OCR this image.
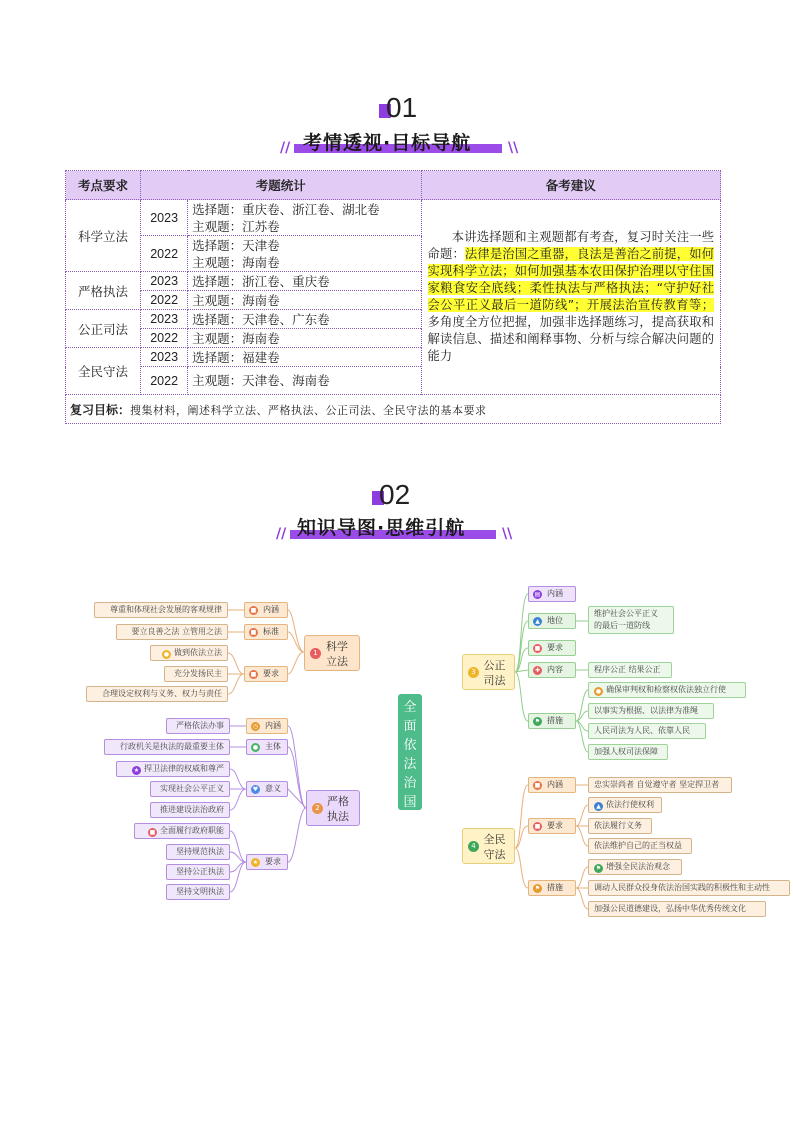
01
//	\\
考情透视·目标导航
考点要求	考题统计		备考建议
科学立法	2023	选择题：重庆卷、浙江卷、湖北卷
主观题：江苏卷	本讲选择题和主观题都有考查，复习时关注一些命题：法律是治国之重器，良法是善治之前提，如何实现科学立法；如何加强基本农田保护治理以守住国家粮食安全底线；柔性执法与严格执法；“守护好社会公平正义最后一道防线”；开展法治宣传教育等；多角度全方位把握，加强非选择题练习，提高获取和解读信息、描述和阐释事物、分析与综合解决问题的能力
	2022	选择题：天津卷
主观题：海南卷	

严格执法	2023	选择题：浙江卷、重庆卷	
	2022	主观题：海南卷	
公正司法	2023	选择题：天津卷、广东卷	
	2022	主观题：海南卷	
全民守法	2023	选择题：福建卷	
	2022	主观题：天津卷、海南卷	
复习目标：搜集材料，阐述科学立法、严格执法、公正司法、全民守法的基本要求			
02
//	\\
知识导图·思维引航
全
面
依
法
治
国
1 科学
立法
■ 内涵
■ 标准
■ 要求
尊重和体现社会发展的客观规律
要立良善之法 立管用之法
● 做到依法立法
充分发扬民主
合理设定权利与义务、权力与责任
2 严格
执法
◷ 内涵
● 主体
♥ 意义
★ 要求
严格依法办事
行政机关是执法的最重要主体
★ 捍卫法律的权威和尊严
实现社会公平正义
推进建设法治政府
■ 全面履行政府职能
坚持规范执法
坚持公正执法
坚持文明执法
3 公正
司法
▤ 内涵
▲ 地位
■ 要求
✚ 内容
⚑ 措施
维护社会公平正义
的最后一道防线
程序公正 结果公正
● 确保审判权和检察权依法独立行使
以事实为根据、以法律为准绳
人民司法为人民、依靠人民
加强人权司法保障
4 全民
守法
■ 内涵
■ 要求
⚑ 措施
忠实崇尚者 自觉遵守者 坚定捍卫者
▲ 依法行使权利
依法履行义务
依法维护自己的正当权益
⚑ 增强全民法治观念
调动人民群众投身依法治国实践的积极性和主动性
加强公民道德建设，弘扬中华优秀传统文化
